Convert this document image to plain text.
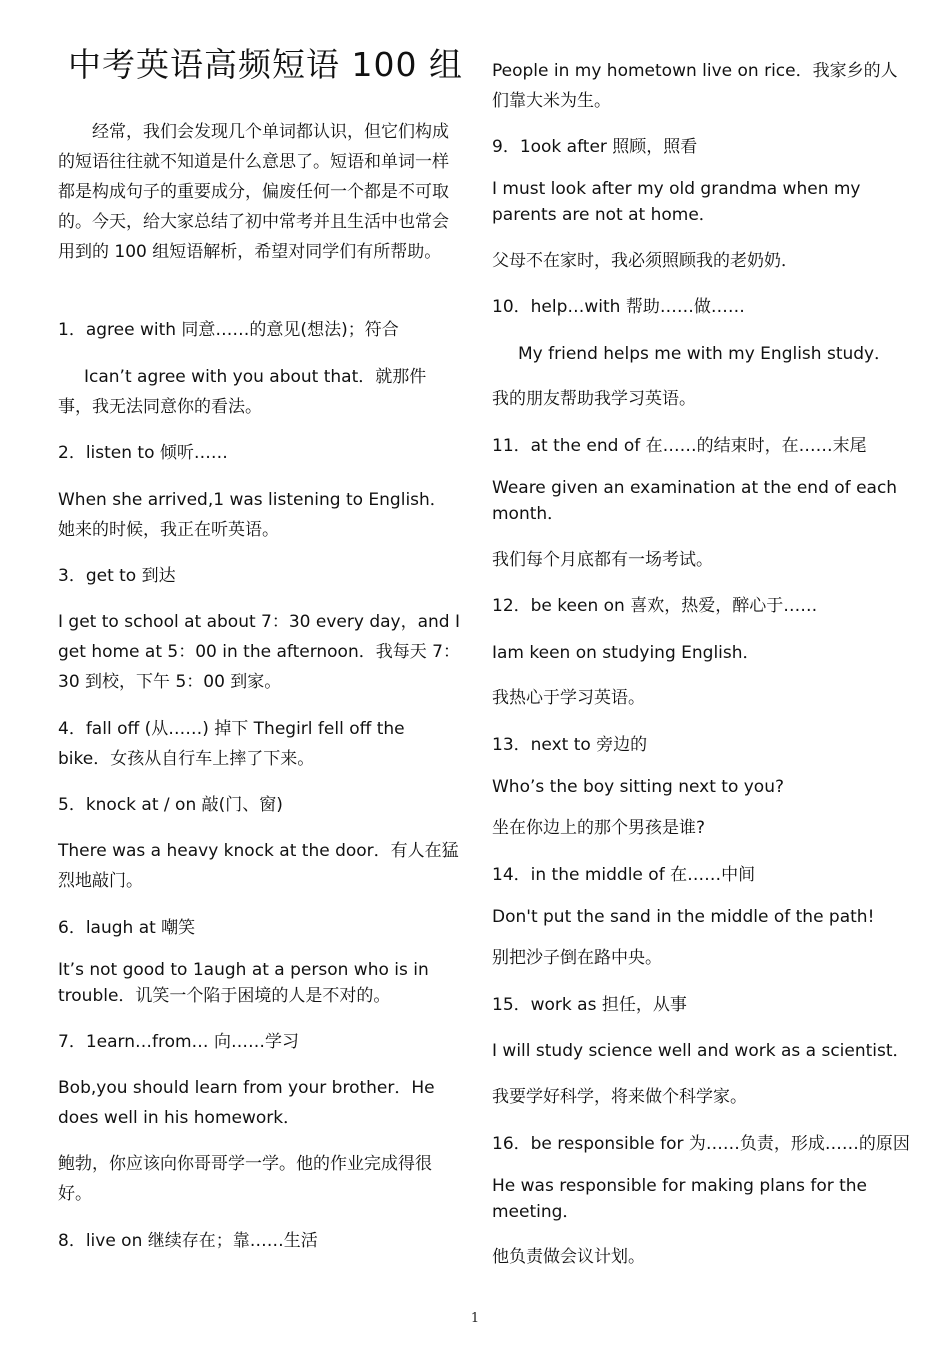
中考英语高频短语 100 组

经常，我们会发现几个单词都认识，但它们构成的短语往往就不知道是什么意思了。短语和单词一样都是构成句子的重要成分，偏废任何一个都是不可取的。今天，给大家总结了初中常考并且生活中也常会用到的 100 组短语解析，希望对同学们有所帮助。

1．agree with 同意……的意见(想法)；符合

Ican’t agree with you about that．就那件事，我无法同意你的看法。

2．listen to 倾听……

When she arrived,1 was listening to English．她来的时候，我正在听英语。

3．get to 到达

I get to school at about 7：30 every day，and I get home at 5：00 in the afternoon．我每天 7：30 到校，下午 5：00 到家。

4．fall off (从……) 掉下 Thegirl fell off the bike．女孩从自行车上摔了下来。

5．knock at / on 敲(门、窗)

There was a heavy knock at the door．有人在猛烈地敲门。

6．laugh at 嘲笑

It’s not good to 1augh at a person who is in trouble．讥笑一个陷于困境的人是不对的。

7．1earn…from… 向……学习

Bob,you should learn from your brother．He does well in his homework．

鲍勃，你应该向你哥哥学一学。他的作业完成得很好。

8．live on 继续存在；靠……生活

People in my hometown live on rice．我家乡的人们靠大米为生。

9．1ook after 照顾，照看

I must look after my old grandma when my parents are not at home．

父母不在家时，我必须照顾我的老奶奶．

10．help…with 帮助……做……

My friend helps me with my English study．

我的朋友帮助我学习英语。

11．at the end of 在……的结束时，在……末尾

Weare given an examination at the end of each month．

我们每个月底都有一场考试。

12．be keen on 喜欢，热爱，醉心于……

Iam keen on studying English．

我热心于学习英语。

13．next to 旁边的

Who’s the boy sitting next to you?

坐在你边上的那个男孩是谁?

14．in the middle of 在……中间

Don't put the sand in the middle of the path!

别把沙子倒在路中央。

15．work as 担任，从事

I will study science well and work as a scientist．

我要学好科学，将来做个科学家。

16．be responsible for 为……负责，形成……的原因

He was responsible for making plans for the meeting．

他负责做会议计划。

1
